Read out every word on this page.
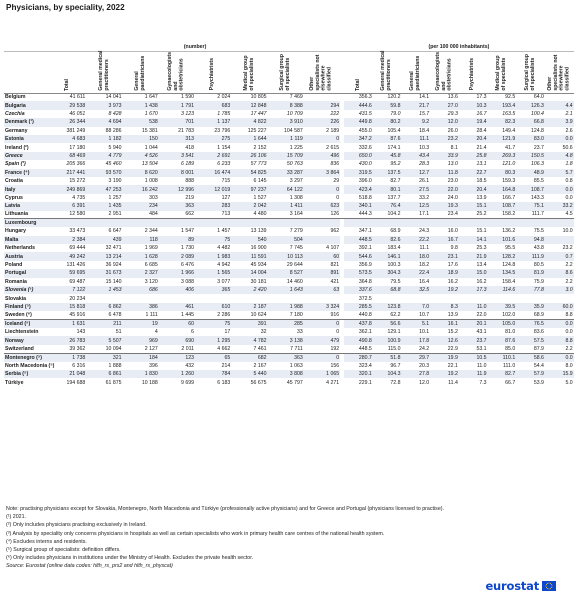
Physicians, by speciality, 2022
	(number)									(per 100 000 inhabitants)							
	Total	General medical practitioners	General paediatricians	Gynaecologists and obstetricians	Psychiatrists	Medical group of specialists	Surgical group of specialists	Other specialists not elsewhere classified		Total	General medical practitioners	General paediatricians	Gynaecologists and obstetricians	Psychiatrists	Medical group of specialists	Surgical group of specialists	Other specialists not elsewhere classified
Belgium	41 611	14 041	1 647	1 590	2 024	10 805	7 469			356.3	120.2	14.1	13.6	17.3	92.5	64.0	
Bulgaria	29 538	3 973	1 438	1 791	683	12 848	8 388	294		444.6	59.8	21.7	27.0	10.3	193.4	126.3	4.4
Czechia	46 051	8 428	1 670	3 123	1 785	17 447	10 709	222		431.5	79.0	15.7	29.3	16.7	163.5	100.4	2.1
Denmark (¹)	26 344	4 694	538	701	1 137	4 822	3 910	226		449.8	80.2	9.2	12.0	19.4	82.3	66.8	3.9
Germany	381 249	88 286	15 381	21 783	23 796	125 227	104 587	2 189		455.0	105.4	18.4	26.0	28.4	149.4	124.8	2.6
Estonia	4 683	1 182	150	313	275	1 644	1 119	0		347.2	87.6	11.1	23.2	20.4	121.9	83.0	0.0
Ireland (²)	17 180	5 940	1 044	418	1 154	2 152	1 225	2 615		332.6	174.1	10.3	8.1	21.4	41.7	23.7	50.6
Greece	68 469	4 779	4 526	3 541	2 691	26 106	15 709	496		650.0	45.8	43.4	33.9	25.8	269.3	150.5	4.8
Spain (³)	205 366	45 460	13 504	6 189	6 233	57 773	50 763	836		430.0	95.2	28.3	13.0	13.1	121.0	106.3	1.8
France (⁴)	217 441	93 570	8 620	8 001	16 474	54 825	33 287	3 864		319.5	137.5	12.7	11.8	22.7	80.3	48.9	5.7
Croatia	15 272	3 190	1 008	888	715	6 145	3 297	29		396.0	82.7	26.1	23.0	18.5	159.3	85.5	0.8
Italy	249 869	47 253	16 242	12 996	12 019	97 237	64 122	0		423.4	80.1	27.5	22.0	20.4	164.8	108.7	0.0
Cyprus	4 735	1 257	303	219	127	1 527	1 308	0		518.8	137.7	33.2	24.0	13.9	166.7	143.3	0.0
Latvia	6 391	1 435	234	363	283	2 042	1 411	623		340.1	76.4	12.5	19.3	15.1	108.7	75.1	33.2
Lithuania	12 580	2 951	484	662	713	4 480	3 164	126		444.3	104.2	17.1	23.4	25.2	158.2	111.7	4.5
Luxembourg																	
Hungary	33 473	6 647	2 344	1 547	1 457	13 139	7 279	962		347.1	68.9	24.3	16.0	15.1	136.2	75.5	10.0
Malta	2 384	439	118	89	75	540	504			448.5	82.6	22.2	16.7	14.1	101.6	94.8	
Netherlands	69 444	32 471	1 969	1 730	4 482	16 900	7 745	4 107		392.1	183.4	11.1	9.8	25.3	95.5	43.8	23.2
Austria	49 242	13 214	1 628	2 089	1 983	11 591	10 113	60		544.6	146.1	18.0	23.1	21.9	128.2	111.9	0.7
Poland	131 426	36 924	6 685	6 476	4 942	45 934	29 644	821		356.9	100.3	18.2	17.6	13.4	124.8	80.5	2.2
Portugal	59 695	31 673	2 327	1 966	1 565	14 004	8 527	891		573.5	304.3	22.4	18.9	15.0	134.5	81.9	8.6
Romania	69 487	15 140	3 120	3 088	3 077	30 181	14 460	421		364.8	79.5	16.4	16.2	16.2	158.4	75.9	2.2
Slovenia (⁵)	7 122	1 453	686	406	365	2 420	1 643	63		337.6	68.8	32.5	19.2	17.3	114.6	77.8	3.0
Slovakia	20 234									372.5							
Finland (⁵)	15 818	6 862	386	461	610	2 187	1 988	3 324		285.5	123.8	7.0	8.3	11.0	39.5	35.9	60.0
Sweden (⁶)	45 916	6 478	1 111	1 445	2 286	10 624	7 180	916		440.8	62.2	10.7	13.9	22.0	102.0	68.9	8.8
Iceland (⁵)	1 631	211	19	60	75	391	285	0		437.8	56.6	5.1	16.1	20.1	105.0	76.5	0.0
Liechtenstein	143	51	4	6	17	32	33	0		362.1	129.1	10.1	15.2	43.1	81.0	83.6	0.0
Norway	26 783	5 507	969	690	1 295	4 782	3 138	479		490.8	100.9	17.8	12.6	23.7	87.6	57.5	8.8
Switzerland	39 362	10 094	2 127	2 011	4 662	7 461	7 711	192		448.5	115.0	24.2	22.9	53.1	85.0	87.9	2.2
Montenegro (⁵)	1 738	321	184	123	65	682	363	0		280.7	51.8	29.7	19.9	10.5	110.1	58.6	0.0
North Macedonia (⁵)	6 316	1 888	396	432	214	2 167	1 063	156		323.4	96.7	20.3	22.1	11.0	111.0	54.4	8.0
Serbia (⁵)	21 048	6 861	1 830	1 260	784	5 440	3 808	1 065		320.1	104.3	27.8	19.2	11.9	82.7	57.9	15.9
Türkiye	194 688	61 875	10 188	9 699	6 183	56 675	45 797	4 271		229.1	72.8	12.0	11.4	7.3	66.7	53.9	5.0
Note: practising physicians except for Slovakia, Montenegro, North Macedonia and Türkiye (professionally active physicians) and for Greece and Portugal (physicians licensed to practise).
(¹) 2021.
(²) Only includes physicians practising exclusively in Ireland.
(³) Analysis by speciality only concerns physicians in hospitals as well as certain specialists who work in primary health care centres of the national health system.
(⁴) Excludes interns and residents.
(⁵) Surgical group of specialists: definition differs.
(⁶) Only includes physicians in institutions under the Ministry of Health. Excludes the private health sector.
Source: Eurostat (online data codes: hlth_rs_prs2 and hlth_rs_physcat)
eurostat
